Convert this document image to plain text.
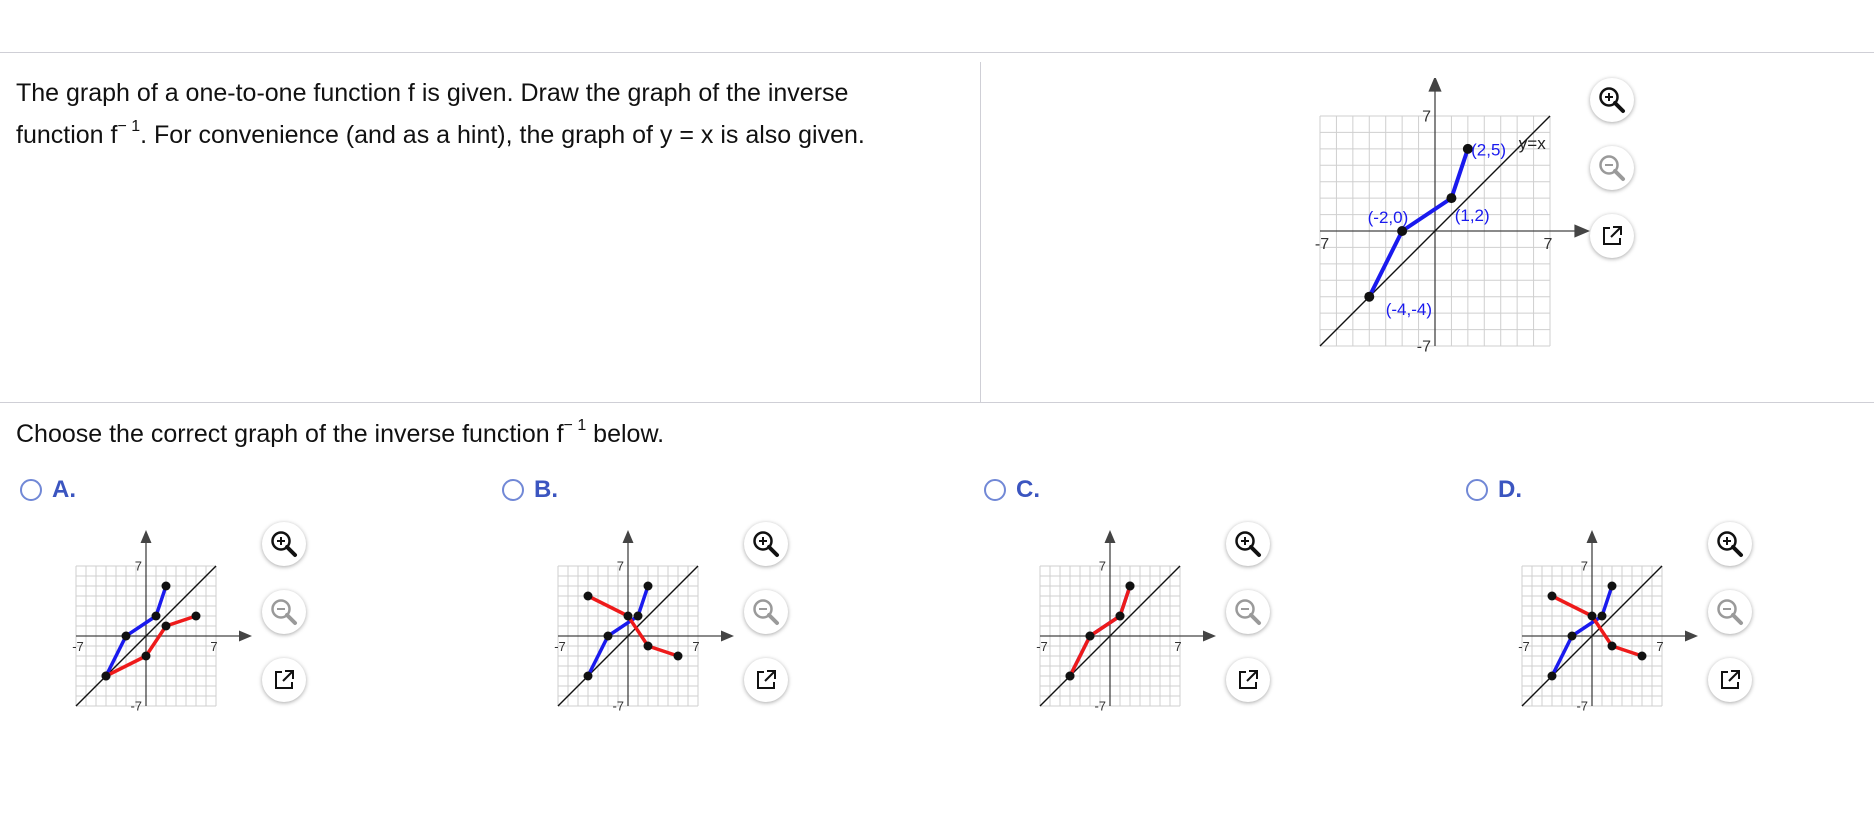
The graph of a one-to-one function f is given. Draw the graph of the inverse
function $f^{- 1}$. For convenience (and as a hint), the graph of y = x is also given.
7
-7
7
-7
(-4,-4)
(-2,0)	(1,2)
(2,5) y=x
Choose the correct graph of the inverse function $f^{- 1}$ below.
A.	B.	C.	D.
7
-7
7
-7
7
-7
7
-7
7
-7
7
-7
7
-7
7
-7
